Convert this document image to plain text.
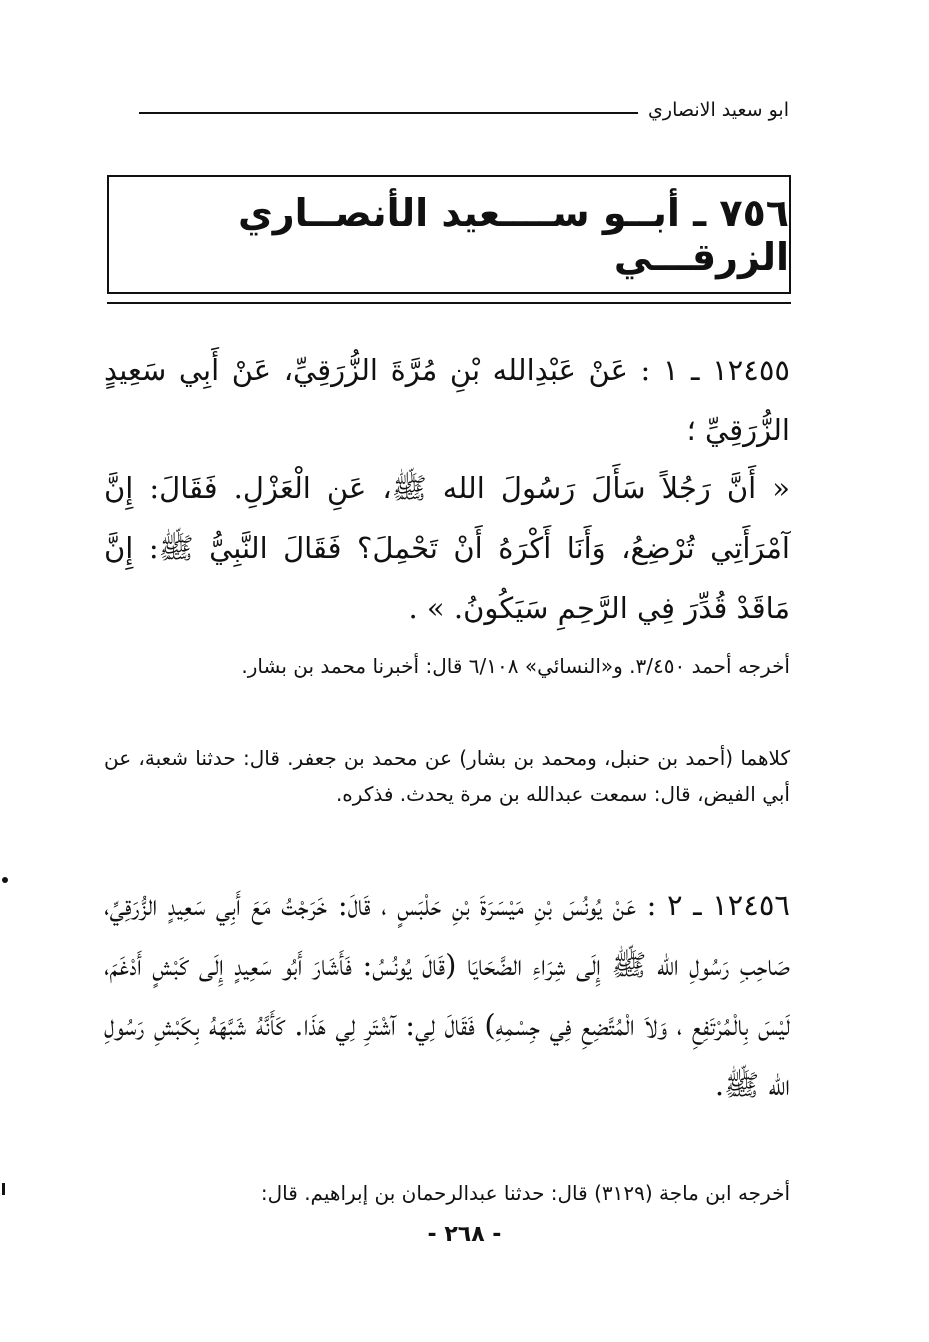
ابو سعيد الانصاري
٧٥٦ ـ أبــو ســــعيد الأنصــاري الزرقـــي
١٢٤٥٥ ـ ١ : عَنْ عَبْدِالله بْنِ مُرَّةَ الزُّرَقِيِّ، عَنْ أَبِي سَعِيدٍ الزُّرَقِيِّ ؛
« أَنَّ رَجُلاً سَأَلَ رَسُولَ الله ﷺ، عَنِ الْعَزْلِ. فَقَالَ: إِنَّ آمْرَأَتِي تُرْضِعُ، وَأَنَا أَكْرَهُ أَنْ تَحْمِلَ؟ فَقَالَ النَّبِيُّ ﷺ: إِنَّ مَاقَدْ قُدِّرَ فِي الرَّحِمِ سَيَكُونُ. » .
أخرجه أحمد ٣/٤٥٠. و«النسائي» ٦/١٠٨ قال: أخبرنا محمد بن بشار.
كلاهما (أحمد بن حنبل، ومحمد بن بشار) عن محمد بن جعفر. قال: حدثنا شعبة، عن أبي الفيض، قال: سمعت عبدالله بن مرة يحدث. فذكره.
١٢٤٥٦ ـ ٢ : عَنْ يُونُسَ بْنِ مَيْسَرَةَ بْنِ حَلْبَسٍ ، قَالَ: خَرَجْتُ مَعَ أَبِي سَعِيدٍ الزُّرَقِيِّ، صَاحِبِ رَسُولِ الله ﷺ إِلَى شِرَاءِ الضَّحَايَا (قَالَ يُونُسُ: فَأَشَارَ أَبُو سَعِيدٍ إِلَى كَبْشٍ أَدْغَمَ، لَيْسَ بِالْمُرْتَفِعِ ، وَلاَ الْمُتَّضِعِ فِي جِسْمِهِ) فَقَالَ لِي: آشْتَرِ لِي هَذَا. كَأَنَّهُ شَبَّهَهُ بِكَبْشِ رَسُولِ الله ﷺ.
أخرجه ابن ماجة (٣١٢٩) قال: حدثنا عبدالرحمان بن إبراهيم. قال:
- ٢٦٨ -
